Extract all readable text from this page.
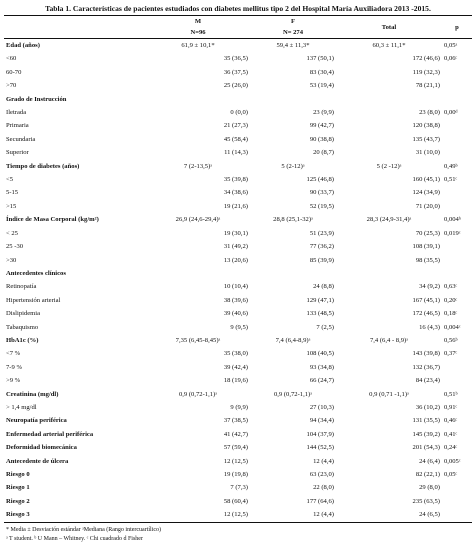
Tabla 1. Características de pacientes estudiados con diabetes mellitus tipo 2 del Hospital María Auxiliadora 2013 -2015.
	M	F	Total	p
	N=96	N= 274		
Edad (años)	61,9 ± 10,1*	59,4 ± 11,3*	60,3 ± 11,1*	0,05ᵃ
<60	35 (36,5)	137 (50,1)	172 (46,6)	0,06ᶜ
60-70	36 (37,5)	83 (30,4)	119 (32,3)	
>70	25 (26,0)	53 (19,4)	78 (21,1)	
Grado de Instrucción				
Iletrada	0 (0,0)	23 (9,9)	23 (8,0)	0,00ᵈ
Primaria	21 (27,3)	99 (42,7)	120 (38,8)	
Secundaria	45 (58,4)	90 (38,8)	135 (43,7)	
Superior	11 (14,3)	20 (8,7)	31 (10,0)	
Tiempo de diabetes (años)	7 (2-13,5)ᵃ	5 (2-12)ᵃ	5 (2 -12)ᵃ	0,49ᵇ
<5	35 (39,8)	125 (46,8)	160 (45,1)	0,51ᶜ
5-15	34 (38,6)	90 (33,7)	124 (34,9)	
>15	19 (21,6)	52 (19,5)	71 (20,0)	
Índice de Masa Corporal (kg/m²)	26,9 (24,6-29,4)ᵃ	28,8 (25,1-32)ᵃ	28,3 (24,9-31,4)ᵃ	0,004ᵇ
< 25	19 (30,1)	51 (23,9)	70 (25,3)	0,019ᶜ
25 -30	31 (49,2)	77 (36,2)	108 (39,1)	
>30	13 (20,6)	85 (39,9)	98 (35,5)	
Antecedentes clínicos				
Retinopatía	10 (10,4)	24 (8,8)	34 (9,2)	0,63ᶜ
Hipertensión arterial	38 (39,6)	129 (47,1)	167 (45,1)	0,20ᶜ
Dislipidemia	39 (40,6)	133 (48,5)	172 (46,5)	0,18ᶜ
Tabaquismo	9 (9,5)	7 (2,5)	16 (4,3)	0,004ᶜ
HbA1c (%)	7,35 (6,45-8,45)ᵃ	7,4 (6,4-8,9)ᵃ	7,4 (6,4 - 8,9)ᵃ	0,56ᵇ
<7 %	35 (38,0)	108 (40,5)	143 (39,8)	0,37ᶜ
7-9 %	39 (42,4)	93 (34,8)	132 (36,7)	
>9 %	18 (19,6)	66 (24,7)	84 (23,4)	
Creatinina (mg/dl)	0,9 (0,72-1,1)ᵃ	0,9 (0,72-1,1)ᵃ	0,9 (0,71 -1,1)ᵃ	0,51ᵇ
> 1,4 mg/dl	9 (9,9)	27 (10,3)	36 (10,2)	0,91ᶜ
Neuropatía periférica	37 (38,5)	94 (34,4)	131 (35,5)	0,46ᶜ
Enfermedad arterial periférica	41 (42,7)	104 (37,9)	145 (39,2)	0,41ᶜ
Deformidad biomecánica	57 (59,4)	144 (52,5)	201 (54,3)	0,24ᶜ
Antecedente de úlcera	12 (12,5)	12 (4,4)	24 (6,4)	0,005ᶜ
Riesgo 0	19 (19,8)	63 (23,0)	82 (22,1)	0,05ᶜ
Riesgo 1	7 (7,3)	22 (8,0)	29 (8,0)	
Riesgo 2	58 (60,4)	177 (64,6)	235 (63,5)	
Riesgo 3	12 (12,5)	12 (4,4)	24 (6,5)	
* Media ± Desviación estándar ᵃMediana (Rango intercuartílico)
ᵃ T student. ᵇ U Mann – Whitney. ᶜ Chi cuadrado d Fisher
